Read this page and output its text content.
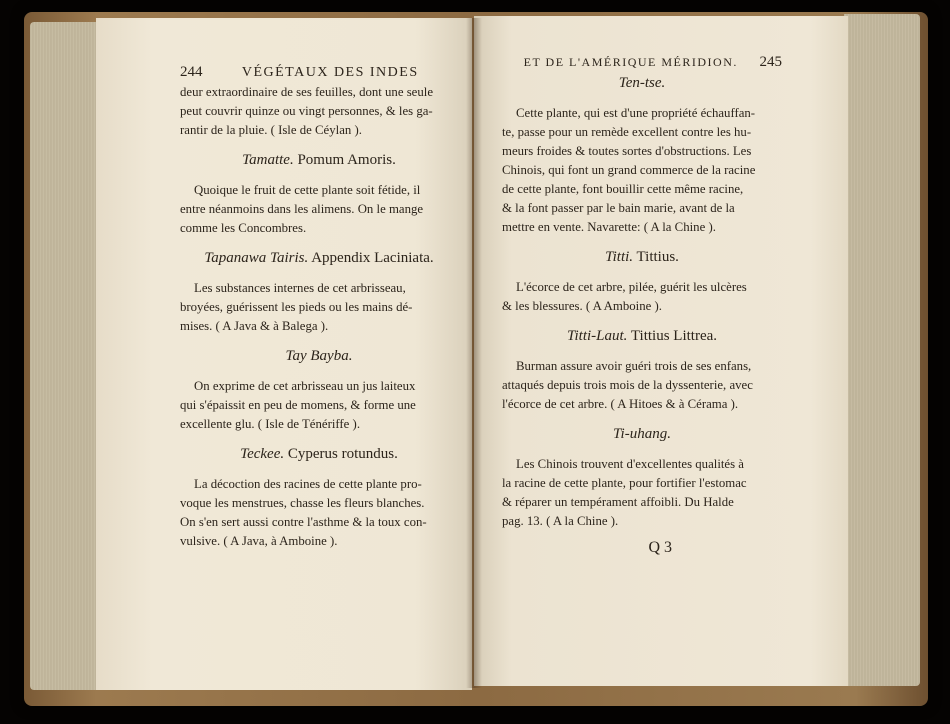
244	VÉGÉTAUX DES INDES

deur extraordinaire de ses feuilles, dont une seule

peut couvrir quinze ou vingt personnes, & les ga-

rantir de la pluie. ( Isle de Céylan ).

Tamatte. Pomum Amoris.

Quoique le fruit de cette plante soit fétide, il

entre néanmoins dans les alimens. On le mange

comme les Concombres.

Tapanawa Tairis. Appendix Laciniata.

Les substances internes de cet arbrisseau,

broyées, guérissent les pieds ou les mains dé-

mises. ( A Java & à Balega ).

Tay Bayba.

On exprime de cet arbrisseau un jus laiteux

qui s'épaissit en peu de momens, & forme une

excellente glu. ( Isle de Ténériffe ).

Teckee. Cyperus rotundus.

La décoction des racines de cette plante pro-

voque les menstrues, chasse les fleurs blanches.

On s'en sert aussi contre l'asthme & la toux con-

vulsive. ( A Java, à Amboine ).

ET DE L'AMÉRIQUE MÉRIDION.	245
Ten-tse.

Cette plante, qui est d'une propriété échauffan-

te, passe pour un remède excellent contre les hu-

meurs froides & toutes sortes d'obstructions. Les

Chinois, qui font un grand commerce de la racine

de cette plante, font bouillir cette même racine,

& la font passer par le bain marie, avant de la

mettre en vente. Navarette: ( A la Chine ).

Titti. Tittius.

L'écorce de cet arbre, pilée, guérit les ulcères

& les blessures. ( A Amboine ).

Titti-Laut. Tittius Littrea.

Burman assure avoir guéri trois de ses enfans,

attaqués depuis trois mois de la dyssenterie, avec

l'écorce de cet arbre. ( A Hitoes & à Cérama ).

Ti-uhang.

Les Chinois trouvent d'excellentes qualités à

la racine de cette plante, pour fortifier l'estomac

& réparer un tempérament affoibli. Du Halde

pag. 13. ( A la Chine ).

Q 3
